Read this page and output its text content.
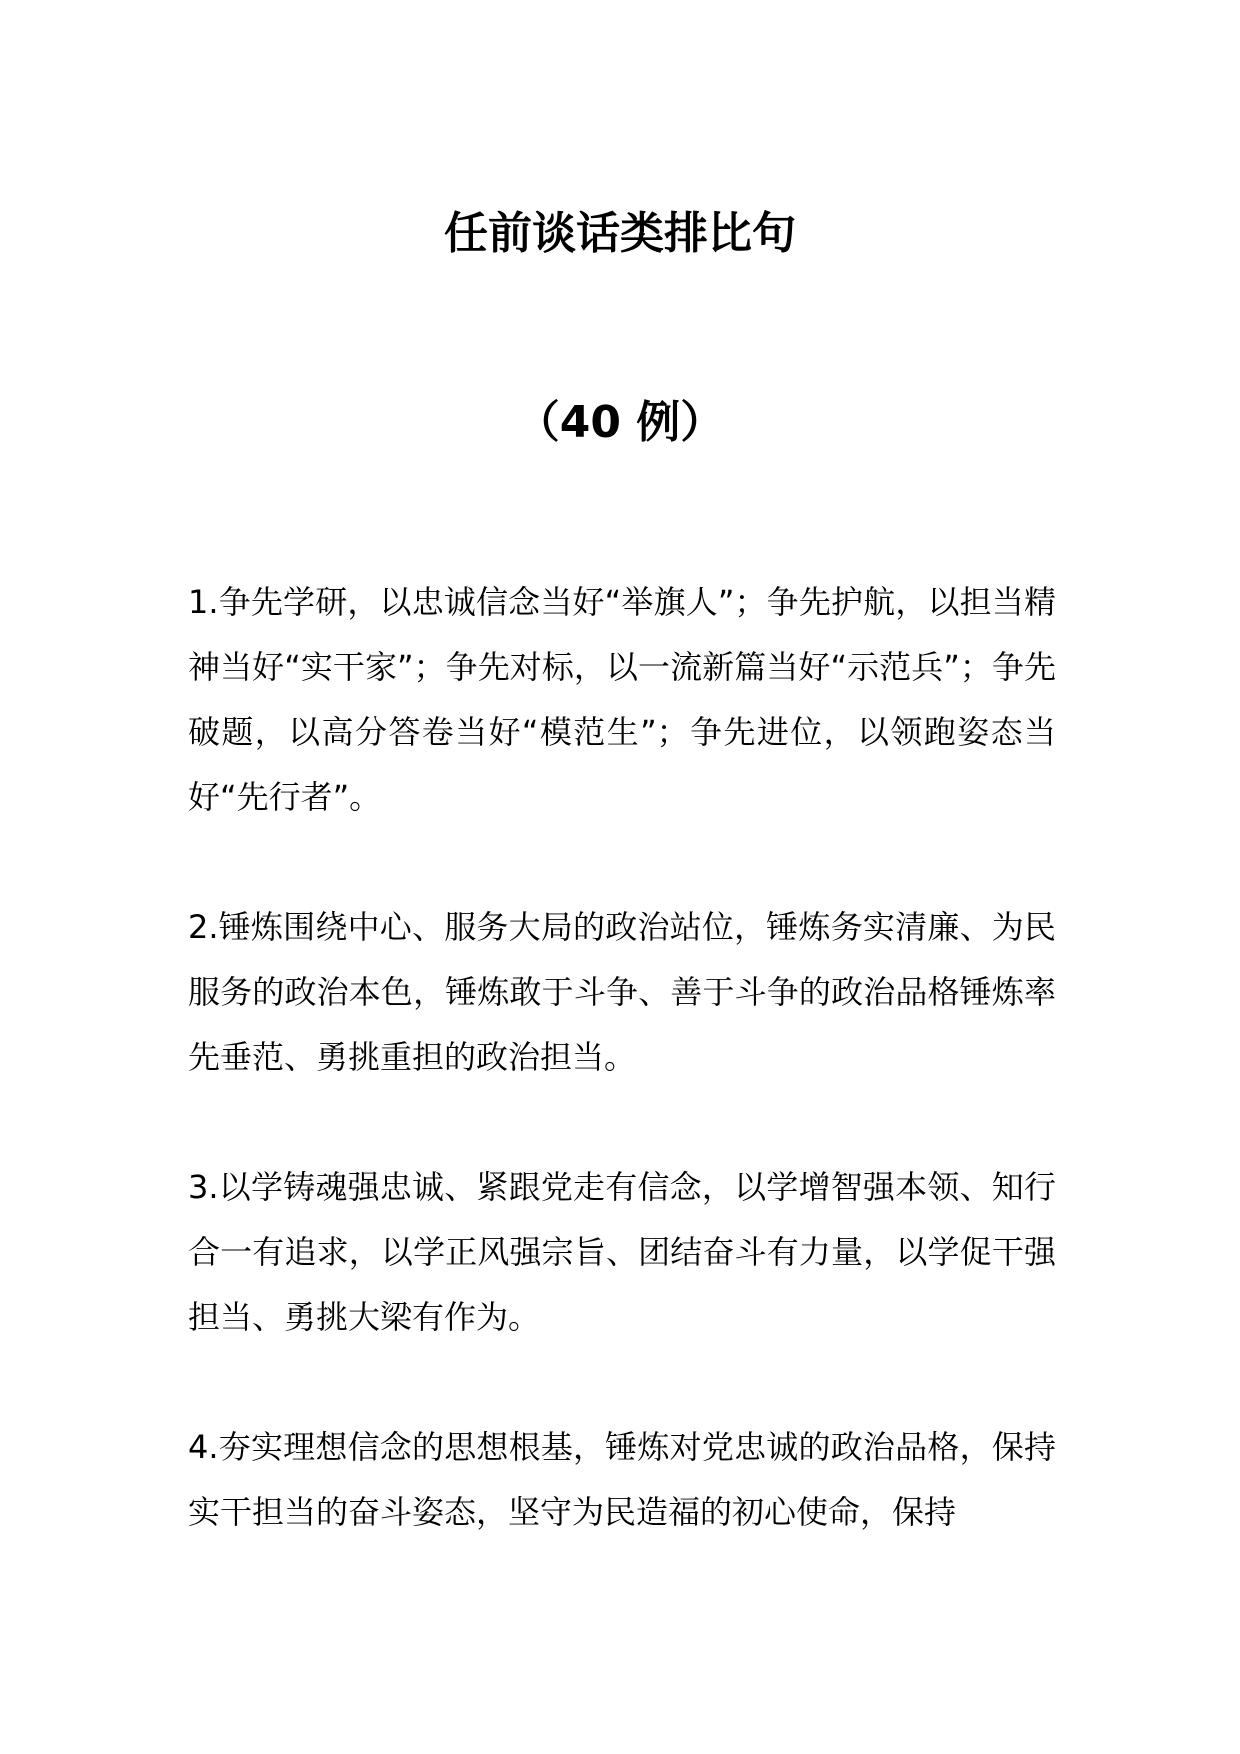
任前谈话类排比句
（40 例）

1.争先学研，以忠诚信念当好“举旗人”；争先护航，以担当精神当好“实干家”；争先对标，以一流新篇当好“示范兵”；争先破题，以高分答卷当好“模范生”；争先进位，以领跑姿态当好“先行者”。

2.锤炼围绕中心、服务大局的政治站位，锤炼务实清廉、为民服务的政治本色，锤炼敢于斗争、善于斗争的政治品格锤炼率先垂范、勇挑重担的政治担当。

3.以学铸魂强忠诚、紧跟党走有信念，以学增智强本领、知行合一有追求，以学正风强宗旨、团结奋斗有力量，以学促干强担当、勇挑大梁有作为。

4.夯实理想信念的思想根基，锤炼对党忠诚的政治品格，保持实干担当的奋斗姿态，坚守为民造福的初心使命，保持
